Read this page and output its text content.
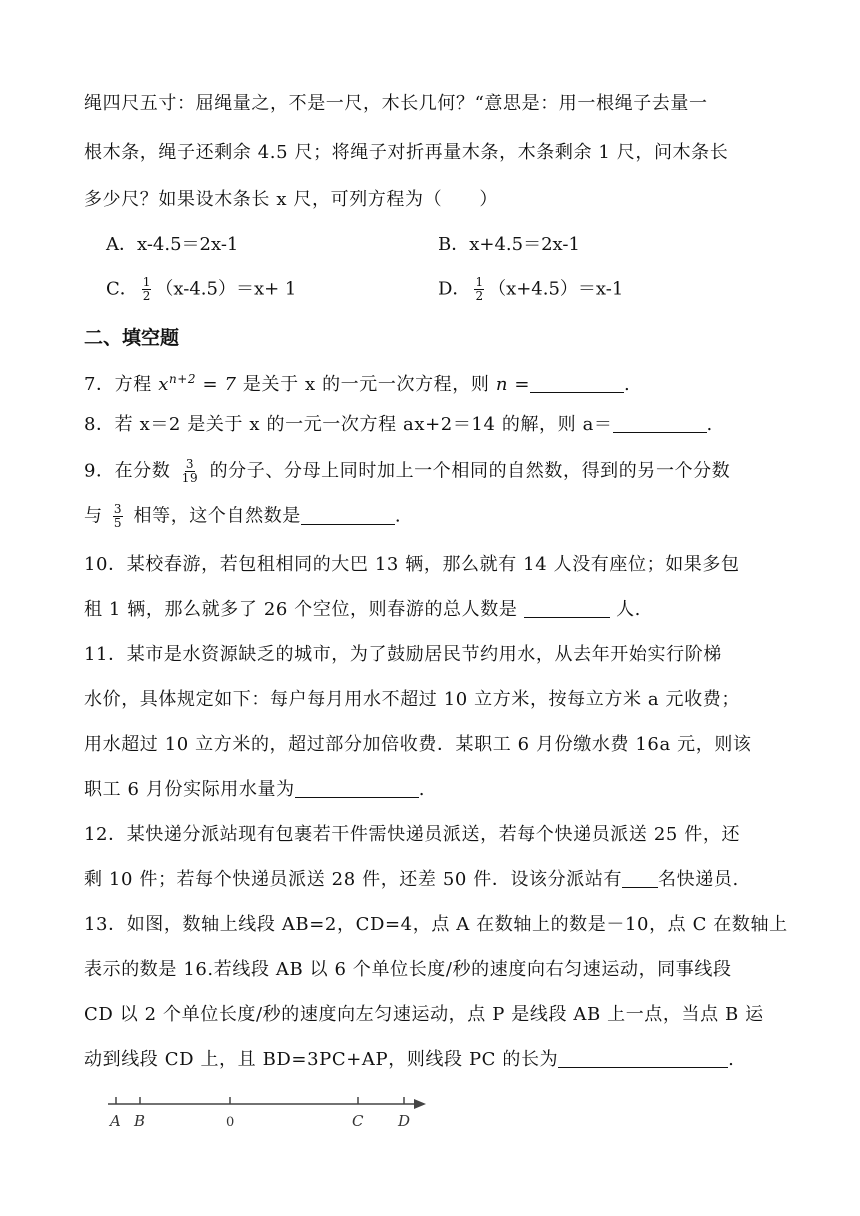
绳四尺五寸：屈绳量之，不是一尺，木长几何？“意思是：用一根绳子去量一
根木条，绳子还剩余 4.5 尺；将绳子对折再量木条，木条剩余 1 尺，问木条长
多少尺？如果设木条长 x 尺，可列方程为（　　）
A．x-4.5＝2x-1	B．x+4.5＝2x-1
C． $\frac{1}{2} (x-4.5)=x+ 1$	D． $\frac{1}{2} (x+4.5)=x-1$
二、填空题
7．方程 $x^{n+2} = 7$ 是关于 x 的一元一次方程，则 n =	.
8．若 x＝2 是关于 x 的一元一次方程 ax+2＝14 的解，则 a＝	.
9．在分数 $\frac{3}{19}$ 的分子、分母上同时加上一个相同的自然数，得到的另一个分数
与 $\frac{3}{5}$ 相等，这个自然数是	.
10．某校春游，若包租相同的大巴 13 辆，那么就有 14 人没有座位；如果多包
租 1 辆，那么就多了 26 个空位，则春游的总人数是	人.
11．某市是水资源缺乏的城市，为了鼓励居民节约用水，从去年开始实行阶梯
水价，具体规定如下：每户每月用水不超过 10 立方米，按每立方米 a 元收费；
用水超过 10 立方米的，超过部分加倍收费．某职工 6 月份缴水费 16a 元，则该
职工 6 月份实际用水量为	.
12．某快递分派站现有包裹若干件需快递员派送，若每个快递员派送 25 件，还
剩 10 件；若每个快递员派送 28 件，还差 50 件．设该分派站有 名快递员.
13．如图，数轴上线段 AB=2，CD=4，点 A 在数轴上的数是－10，点 C 在数轴上
表示的数是 16.若线段 AB 以 6 个单位长度/秒的速度向右匀速运动，同事线段
CD 以 2 个单位长度/秒的速度向左匀速运动，点 P 是线段 AB 上一点，当点 B 运
动到线段 CD 上，且 BD=3PC+AP，则线段 PC 的长为	.
A B	0	C D
